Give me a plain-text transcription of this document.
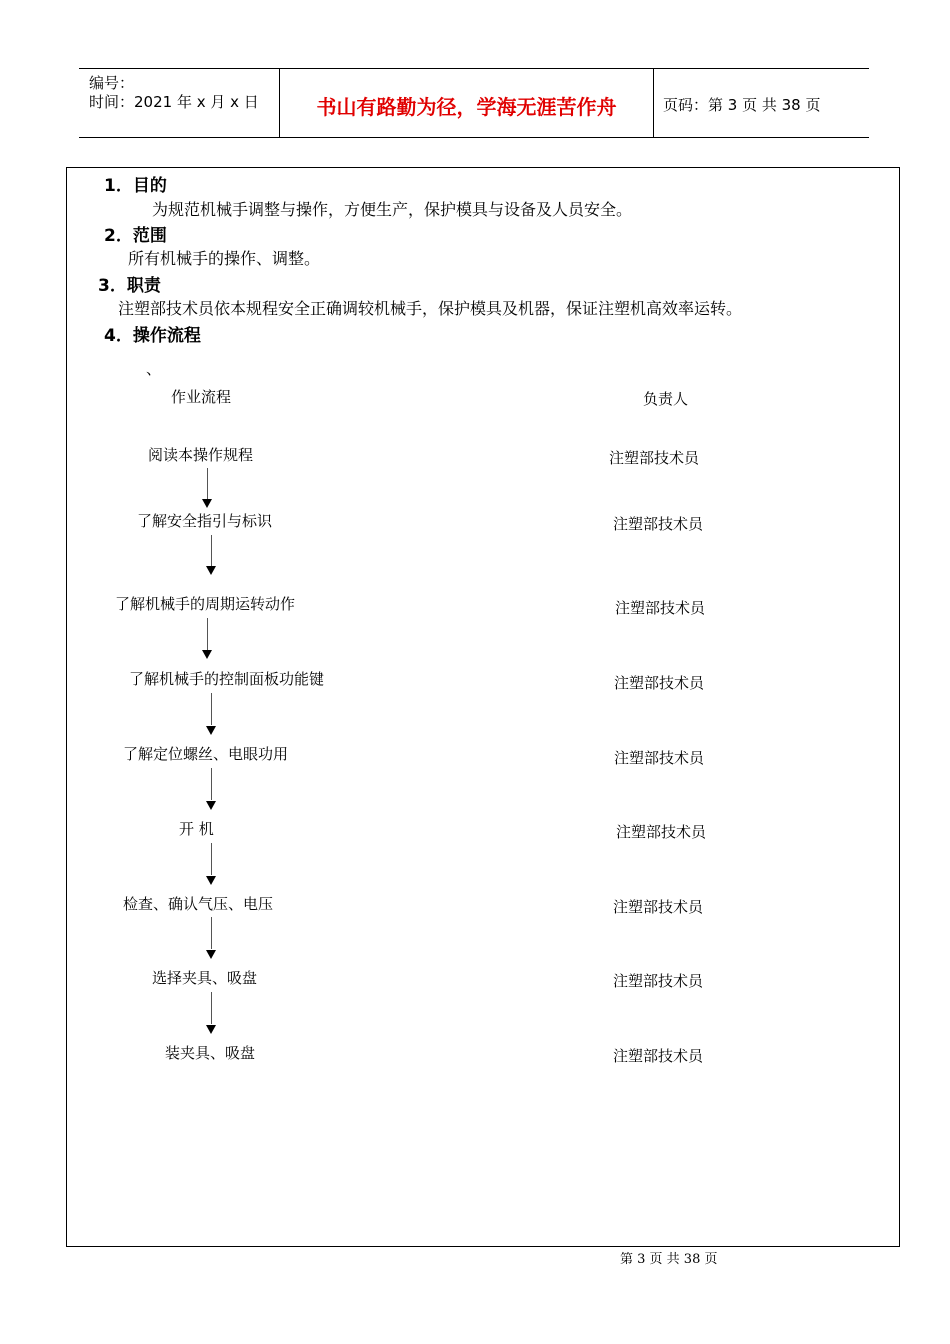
编号：
时间：2021 年 x 月 x 日	书山有路勤为径，学海无涯苦作舟	页码：第 3 页 共 38 页
1．目的
为规范机械手调整与操作，方便生产，保护模具与设备及人员安全。
2．范围
所有机械手的操作、调整。
3．职责
注塑部技术员依本规程安全正确调较机械手，保护模具及机器，保证注塑机高效率运转。
4．操作流程
、
作业流程	负责人
阅读本操作规程	注塑部技术员
了解安全指引与标识	注塑部技术员
了解机械手的周期运转动作	注塑部技术员
了解机械手的控制面板功能键	注塑部技术员
了解定位螺丝、电眼功用	注塑部技术员
开 机	注塑部技术员
检查、确认气压、电压	注塑部技术员
选择夹具、吸盘	注塑部技术员
装夹具、吸盘	注塑部技术员
第 3 页 共 38 页
